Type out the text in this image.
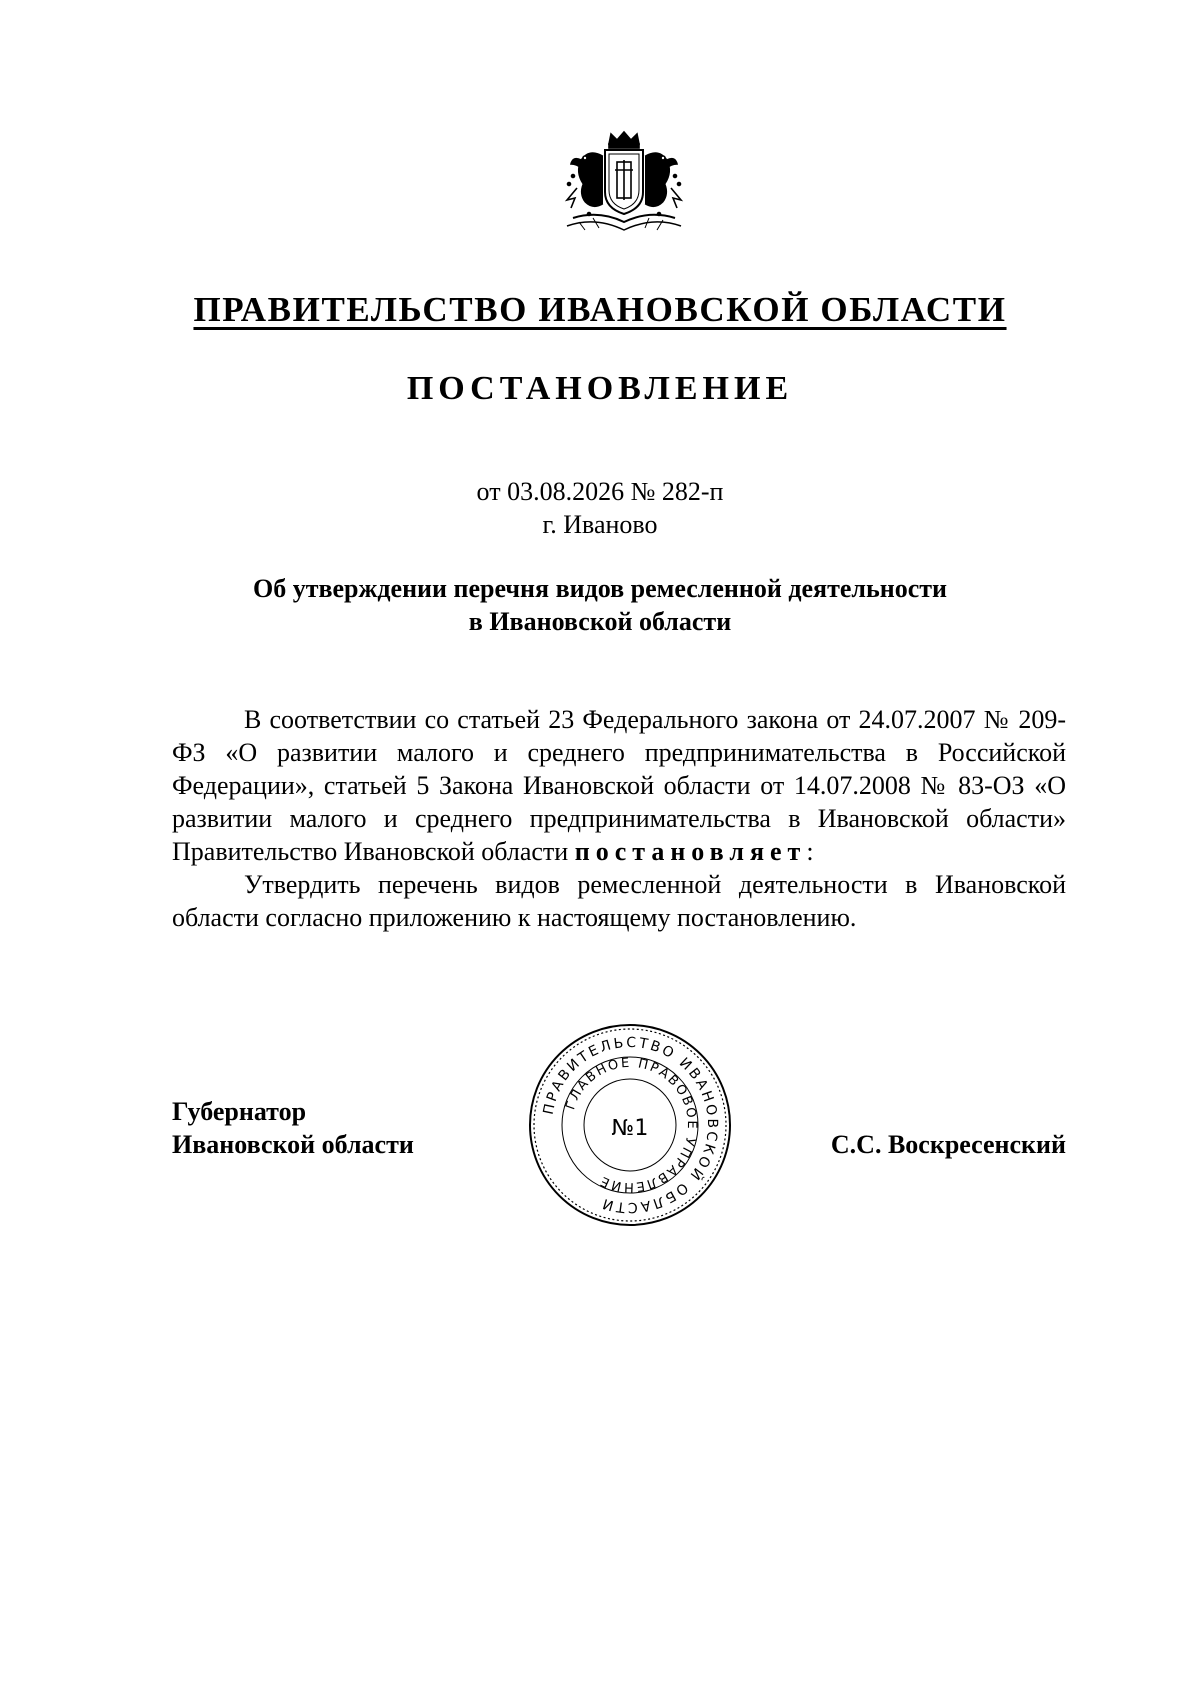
ПРАВИТЕЛЬСТВО ИВАНОВСКОЙ ОБЛАСТИ
ПОСТАНОВЛЕНИЕ
от 03.08.2026 № 282-п
г. Иваново
Об утверждении перечня видов ремесленной деятельности
в Ивановской области

В соответствии со статьей 23 Федерального закона от 24.07.2007 № 209-ФЗ «О развитии малого и среднего предпринимательства в Российской Федерации», статьей 5 Закона Ивановской области от 14.07.2008 № 83-ОЗ «О развитии малого и среднего предпринимательства в Ивановской области» Правительство Ивановской области постановляет:

Утвердить перечень видов ремесленной деятельности в Ивановской области согласно приложению к настоящему постановлению.

Губернатор
Ивановской области	С.С. Воскресенский
ПРАВИТЕЛЬСТВО ИВАНОВСКОЙ ОБЛАСТИ
ГЛАВНОЕ ПРАВОВОЕ УПРАВЛЕНИЕ
№1
